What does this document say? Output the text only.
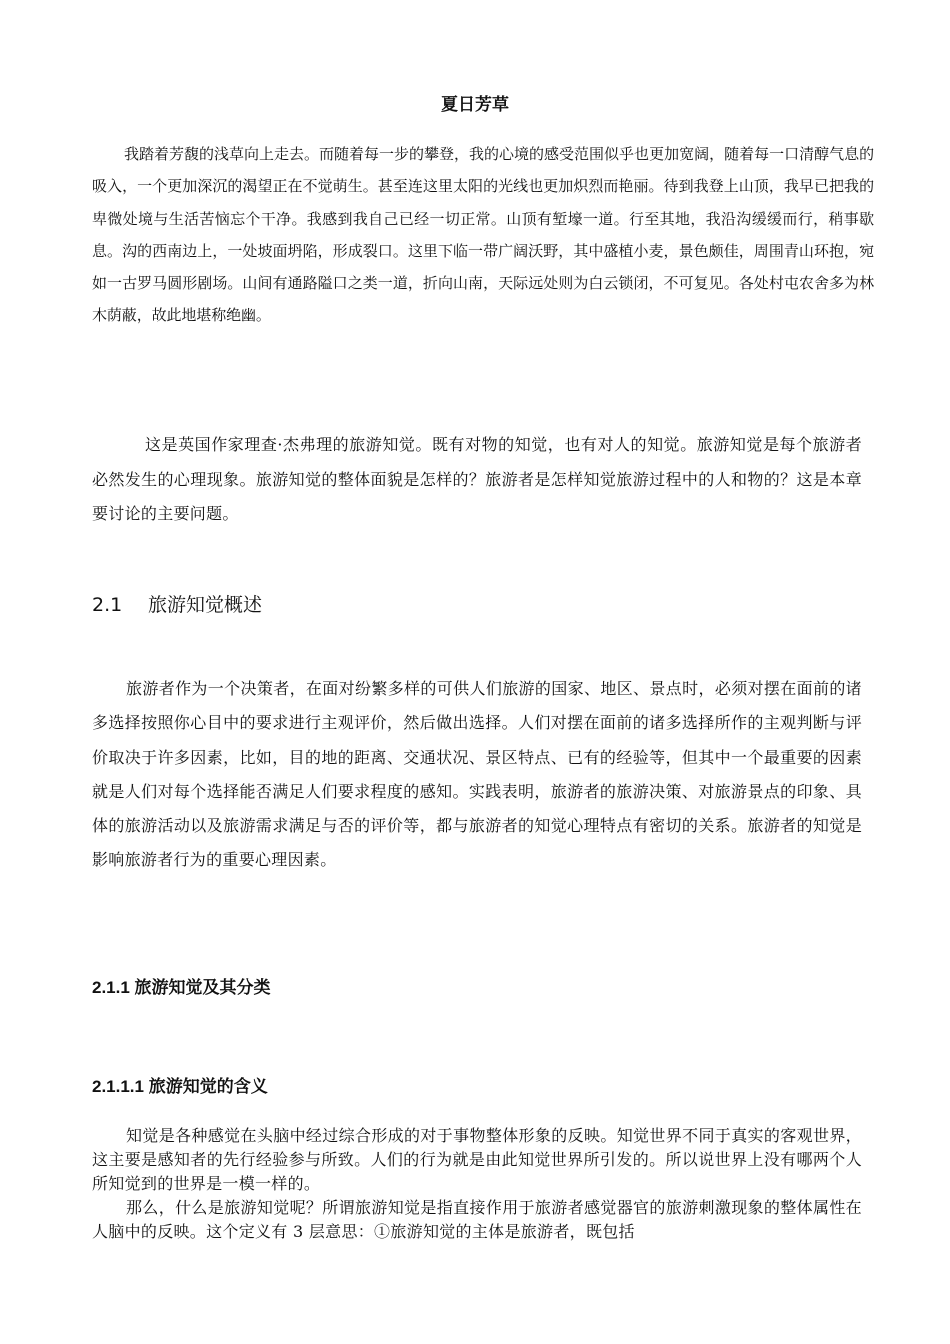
夏日芳草
我踏着芳馥的浅草向上走去。而随着每一步的攀登，我的心境的感受范围似乎也更加宽阔，随着每一口清醇气息的吸入，一个更加深沉的渴望正在不觉萌生。甚至连这里太阳的光线也更加炽烈而艳丽。待到我登上山顶，我早已把我的卑微处境与生活苦恼忘个干净。我感到我自己已经一切正常。山顶有堑壕一道。行至其地，我沿沟缓缓而行，稍事歇息。沟的西南边上，一处坡面坍陷，形成裂口。这里下临一带广阔沃野，其中盛植小麦，景色颇佳，周围青山环抱，宛如一古罗马圆形剧场。山间有通路隘口之类一道，折向山南，天际远处则为白云锁闭，不可复见。各处村屯农舍多为林木荫蔽，故此地堪称绝幽。
这是英国作家理查·杰弗理的旅游知觉。既有对物的知觉，也有对人的知觉。旅游知觉是每个旅游者必然发生的心理现象。旅游知觉的整体面貌是怎样的？旅游者是怎样知觉旅游过程中的人和物的？这是本章要讨论的主要问题。
2.1 旅游知觉概述
旅游者作为一个决策者，在面对纷繁多样的可供人们旅游的国家、地区、景点时，必须对摆在面前的诸多选择按照你心目中的要求进行主观评价，然后做出选择。人们对摆在面前的诸多选择所作的主观判断与评价取决于许多因素，比如，目的地的距离、交通状况、景区特点、已有的经验等，但其中一个最重要的因素就是人们对每个选择能否满足人们要求程度的感知。实践表明，旅游者的旅游决策、对旅游景点的印象、具体的旅游活动以及旅游需求满足与否的评价等，都与旅游者的知觉心理特点有密切的关系。旅游者的知觉是影响旅游者行为的重要心理因素。
2.1.1 旅游知觉及其分类
2.1.1.1 旅游知觉的含义
知觉是各种感觉在头脑中经过综合形成的对于事物整体形象的反映。知觉世界不同于真实的客观世界，这主要是感知者的先行经验参与所致。人们的行为就是由此知觉世界所引发的。所以说世界上没有哪两个人所知觉到的世界是一模一样的。
那么，什么是旅游知觉呢？所谓旅游知觉是指直接作用于旅游者感觉器官的旅游刺激现象的整体属性在人脑中的反映。这个定义有 3 层意思：①旅游知觉的主体是旅游者，既包括
